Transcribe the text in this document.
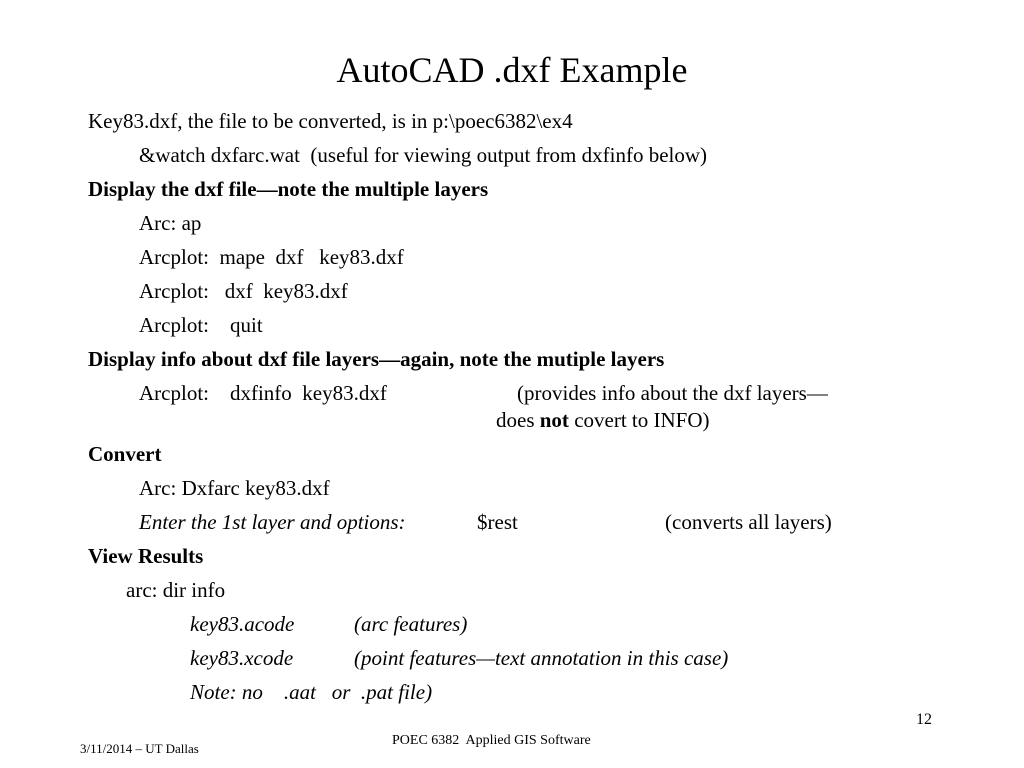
AutoCAD .dxf Example
Key83.dxf, the file to be converted, is in p:\poec6382\ex4
&watch dxfarc.wat  (useful for viewing output from dxfinfo below)
Display the dxf file—note the multiple layers
Arc: ap
Arcplot:  mape  dxf   key83.dxf
Arcplot:   dxf  key83.dxf
Arcplot:    quit
Display info about dxf file layers—again, note the mutiple layers
Arcplot:    dxfinfo  key83.dxf	(provides info about the dxf layers—
does not covert to INFO)
Convert
Arc: Dxfarc key83.dxf
Enter the 1st layer and options:	$rest	(converts all layers)
View Results
arc: dir info
key83.acode	(arc features)
key83.xcode	(point features—text annotation in this case)
Note: no    .aat   or  .pat file)
12
3/11/2014 – UT Dallas
POEC 6382  Applied GIS Software
